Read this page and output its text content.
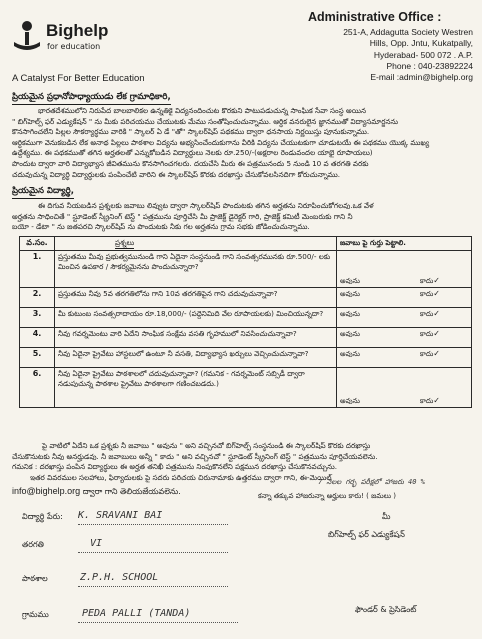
Bighelp
for education
A Catalyst For Better Education
Administrative Office :
251-A, Addagutta Society Westren
Hills, Opp. Jntu, Kukatpally,
Hyderabad- 500 072 . A.P.
Phone : 040-23892224
E-mail :admin@bighelp.org
ప్రియమైన ప్రధానోపాధ్యాయుడు లేక గ్రామాధికారి,
భారతదేశములోని నిరుపేద బాలబాలికల ఉన్నతికై విద్యనందించుట కొరకుని పాటుపడుచున్న సాంఘిక సేవా సంస్థ అయిన
" బిగ్‌హెల్ప్ ఫర్ ఎడ్యుకేషన్ " ను మీకు పరిచయము చేయుటకు మేము సంతోషించుచున్నాము. ఆర్థిక వనరులైన జ్ఞానముతో విద్యాసమార్జనను
కొనసాగించలేని పిల్లల సౌకర్యార్థము వారికి " స్కాలర్ ఏ డే "తో" స్కాలర్‌షిప్ పథకము ద్వారా ధనసాయ నిర్ణయిస్తు పూనుకున్నాము.
ఆర్థికముగా వెనుకబడిన లేక అనాథ పిల్లలు పాఠశాల విద్యను అభ్యసించేందుకుగాను వీరికి విద్యను చేయుటకుగా చూడుటయే ఈ పథకము యొక్క ముఖ్య
ఉద్దేశ్యము. ఈ పథకముతో తగిన అర్హతలతో ఎన్నుకోబడిన విద్యార్థులు నెలకు రూ.250/-(అక్షరాల రెండువందల యాభై రూపాయలు)
పొందుట ద్వారా వారి విద్యాభ్యాస జీవితమును కొనసాగించగలరు. దయచేసి మీరు ఈ పత్రమునందు 5 నుండి 10 వ తరగతి వరకు
చదువుచున్న విద్యార్థి విద్యార్థులకు పంపించేటి వారిని ఈ స్కాలర్‌షిప్ కొరకు దరఖాస్తు చేసుకోవలసినదిగా కోరుచున్నాము.
ప్రియమైన విద్యార్థి,
ఈ దిగువ నీయబడిన ప్రశ్నలకు జవాబు లివ్వుట ద్వారా స్కాలర్‌షిప్ పొందుటకు తగిన అర్హతను నిరూపించుకోగలవు.ఒక వేళ
అర్హతను సాధించితే " స్టూడెంట్ స్క్రీనింగ్ టెస్ట్ " పత్రమును పూర్తిచేసి మీ ప్రాజెక్ట్ డైరెక్టర్ గారి, ప్రాజెక్ట్ కమిటీ మెంబరుకు గాని నీ
బయో - డేటా " ను జతపరచి స్కాలర్‌షిప్ ను పొందుటకు నీకు గల అర్హతను గ్రామ సభకు జోడించుచున్నాము.
వ.సం.	ప్రశ్నలు	జవాబు పై గుర్తు పెట్టాలి.
1.	ప్రస్తుతము మీవు ప్రభుత్వమునుండి గాని ఏదైనా సంస్థనుండి గాని సంవత్సరమునకు రూ.500/- లకు మించిన ఉపకార / సౌకర్యమైనను పొందుచున్నారా?	అవును కాదు✓
2.	ప్రస్తుతము నీవు 5వ తరగతిలోను గాని 10వ తరగతిపైన గాని చదువుచున్నావా?	అవును కాదు✓
3.	మీ కుటుంబ సంవత్సరాదాయం రూ.18,000/- (పద్దెనిమిది వేల రూపాయలకు) మించియున్నదా?	అవును కాదు✓
4.	నీవు గవర్నమెంటు వారి ఏదేని సాంఘిక సంక్షేమ వసతి గృహములో నివసించుచున్నావా?	అవును కాదు✓
5.	నీవు ఏదైనా ప్రైవేటు హాస్టలులో ఉంటూ నీ వసతి, విద్యాభ్యాస ఖర్చులు వెచ్చించుచున్నావా?	అవును కాదు✓
6.	నీవు ఏదైనా ప్రైవేటు పాఠశాలలో చదువుచున్నావా? (గమనిక - గవర్నమెంట్ సబ్సిడీ ద్వారా నడుపుచున్న పాఠశాల ప్రైవేటు పాఠశాలగా గణించబడదు.)	అవును కాదు✓
పై వాటిలో ఏదేని ఒక ప్రశ్నకు నీ జవాబు " అవును " అని వచ్చినచో బిగ్‌హెల్ప్ సంస్థనుండి ఈ స్కాలర్‌షిప్ కొరకు దరఖాస్తు
చేసుకొనుటకు నీవు అనర్హుడవు. నీ జవాబులు అన్నీ " కాదు " అని వచ్చినచో " స్టూడెంట్ స్క్రీనింగ్ టెస్ట్ " పత్రమును పూర్తిచేయవలెను.
గమనిక : దరఖాస్తు పంపిన విద్యార్థులు ఈ అర్హత తనిఖీ పత్రమును నింపుకొనలేని పక్షమున దరఖాస్తు చేసుకొనవచ్చును.
ఇతర వివరముల సలహాలు, ఫిర్యాదులకు పై సదరు పరిచయ చిరునామాకు ఉత్తరము ద్వారా గాని, ఈ-మెయిల్
info@bighelp.org ద్వారా గాని తెలియజేయవలెను.
7 నెలల గర్భ పరీక్షలో హాజరు 40 %
కన్నా తక్కువ హాజరున్నా అర్హులు కారు! ( జమలు )
మీ
బిగ్‌హెల్ప్ ఫర్ ఎడ్యుకేషన్
ఫౌండర్ & ప్రెసిడెంట్
విద్యార్థి పేరు: K. SRAVANI BAI
తరగతి	VI
పాఠశాల	Z.P.H. SCHOOL
గ్రామము	PEDA PALLI (TANDA)
